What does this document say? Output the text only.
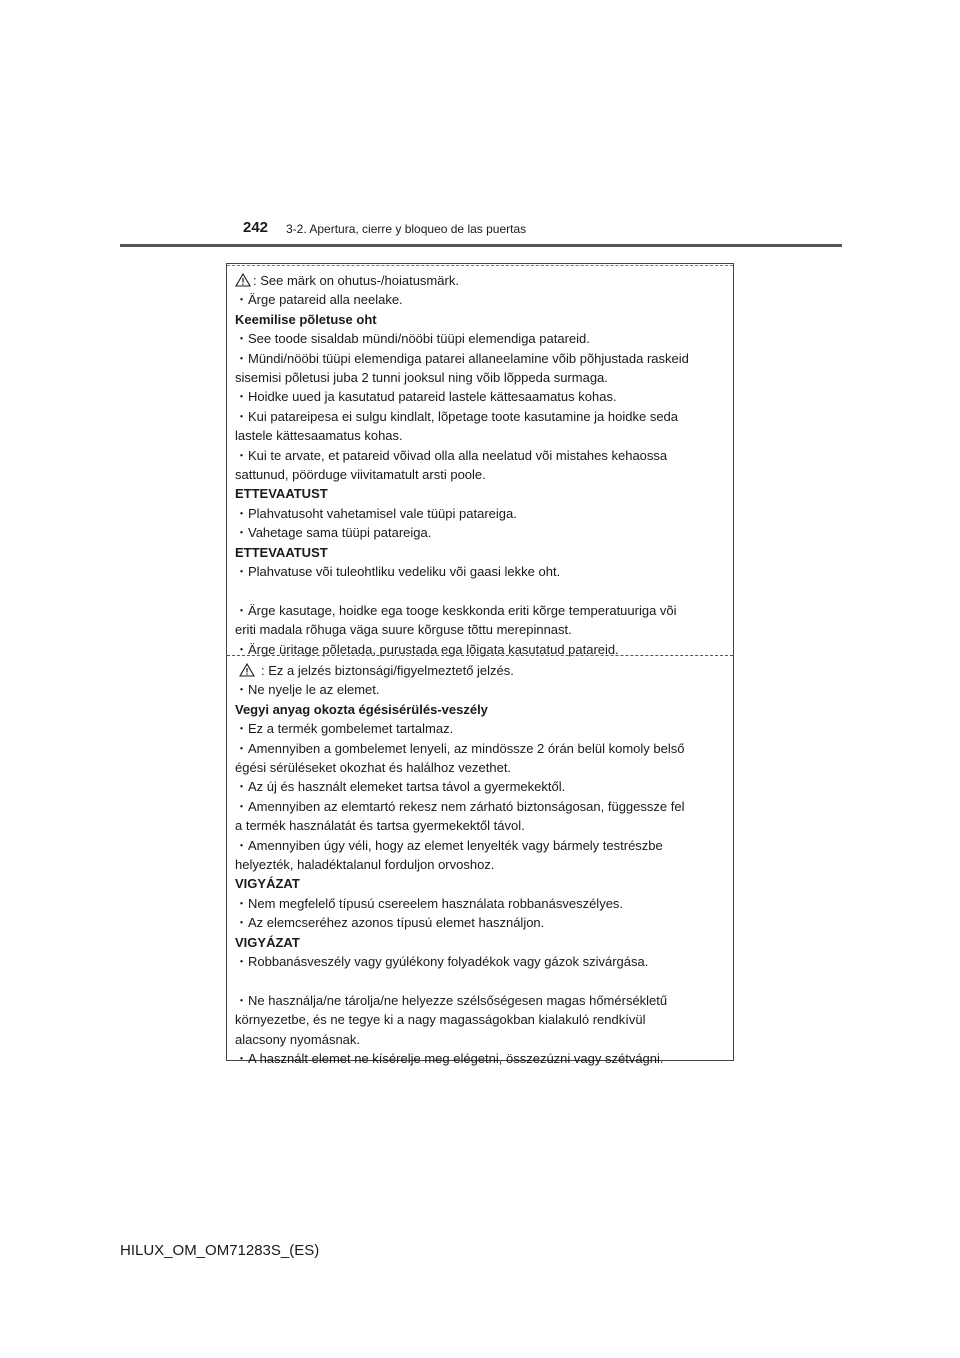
242 3-2. Apertura, cierre y bloqueo de las puertas
: See märk on ohutus-/hoiatusmärk.
・Ärge patareid alla neelake.
Keemilise põletuse oht
・See toode sisaldab mündi/nööbi tüüpi elemendiga patareid.
・Mündi/nööbi tüüpi elemendiga patarei allaneelamine võib põhjustada raskeid
sisemisi põletusi juba 2 tunni jooksul ning võib lõppeda surmaga.
・Hoidke uued ja kasutatud patareid lastele kättesaamatus kohas.
・Kui patareipesa ei sulgu kindlalt, lõpetage toote kasutamine ja hoidke seda
lastele kättesaamatus kohas.
・Kui te arvate, et patareid võivad olla alla neelatud või mistahes kehaossa
sattunud, pöörduge viivitamatult arsti poole.
ETTEVAATUST
・Plahvatusoht vahetamisel vale tüüpi patareiga.
・Vahetage sama tüüpi patareiga.
ETTEVAATUST
・Plahvatuse või tuleohtliku vedeliku või gaasi lekke oht.
・Ärge kasutage, hoidke ega tooge keskkonda eriti kõrge temperatuuriga või
eriti madala rõhuga väga suure kõrguse tõttu merepinnast.
・Ärge üritage põletada, purustada ega lõigata kasutatud patareid.
: Ez a jelzés biztonsági/figyelmeztető jelzés.
・Ne nyelje le az elemet.
Vegyi anyag okozta égésisérülés-veszély
・Ez a termék gombelemet tartalmaz.
・Amennyiben a gombelemet lenyeli, az mindössze 2 órán belül komoly belső
égési sérüléseket okozhat és halálhoz vezethet.
・Az új és használt elemeket tartsa távol a gyermekektől.
・Amennyiben az elemtartó rekesz nem zárható biztonságosan, függessze fel
a termék használatát és tartsa gyermekektől távol.
・Amennyiben úgy véli, hogy az elemet lenyelték vagy bármely testrészbe
helyezték, haladéktalanul forduljon orvoshoz.
VIGYÁZAT
・Nem megfelelő típusú csereelem használata robbanásveszélyes.
・Az elemcseréhez azonos típusú elemet használjon.
VIGYÁZAT
・Robbanásveszély vagy gyúlékony folyadékok vagy gázok szivárgása.
・Ne használja/ne tárolja/ne helyezze szélsőségesen magas hőmérsékletű
környezetbe, és ne tegye ki a nagy magasságokban kialakuló rendkívül
alacsony nyomásnak.
・A használt elemet ne kísérelje meg elégetni, összezúzni vagy szétvágni.
HILUX_OM_OM71283S_(ES)
